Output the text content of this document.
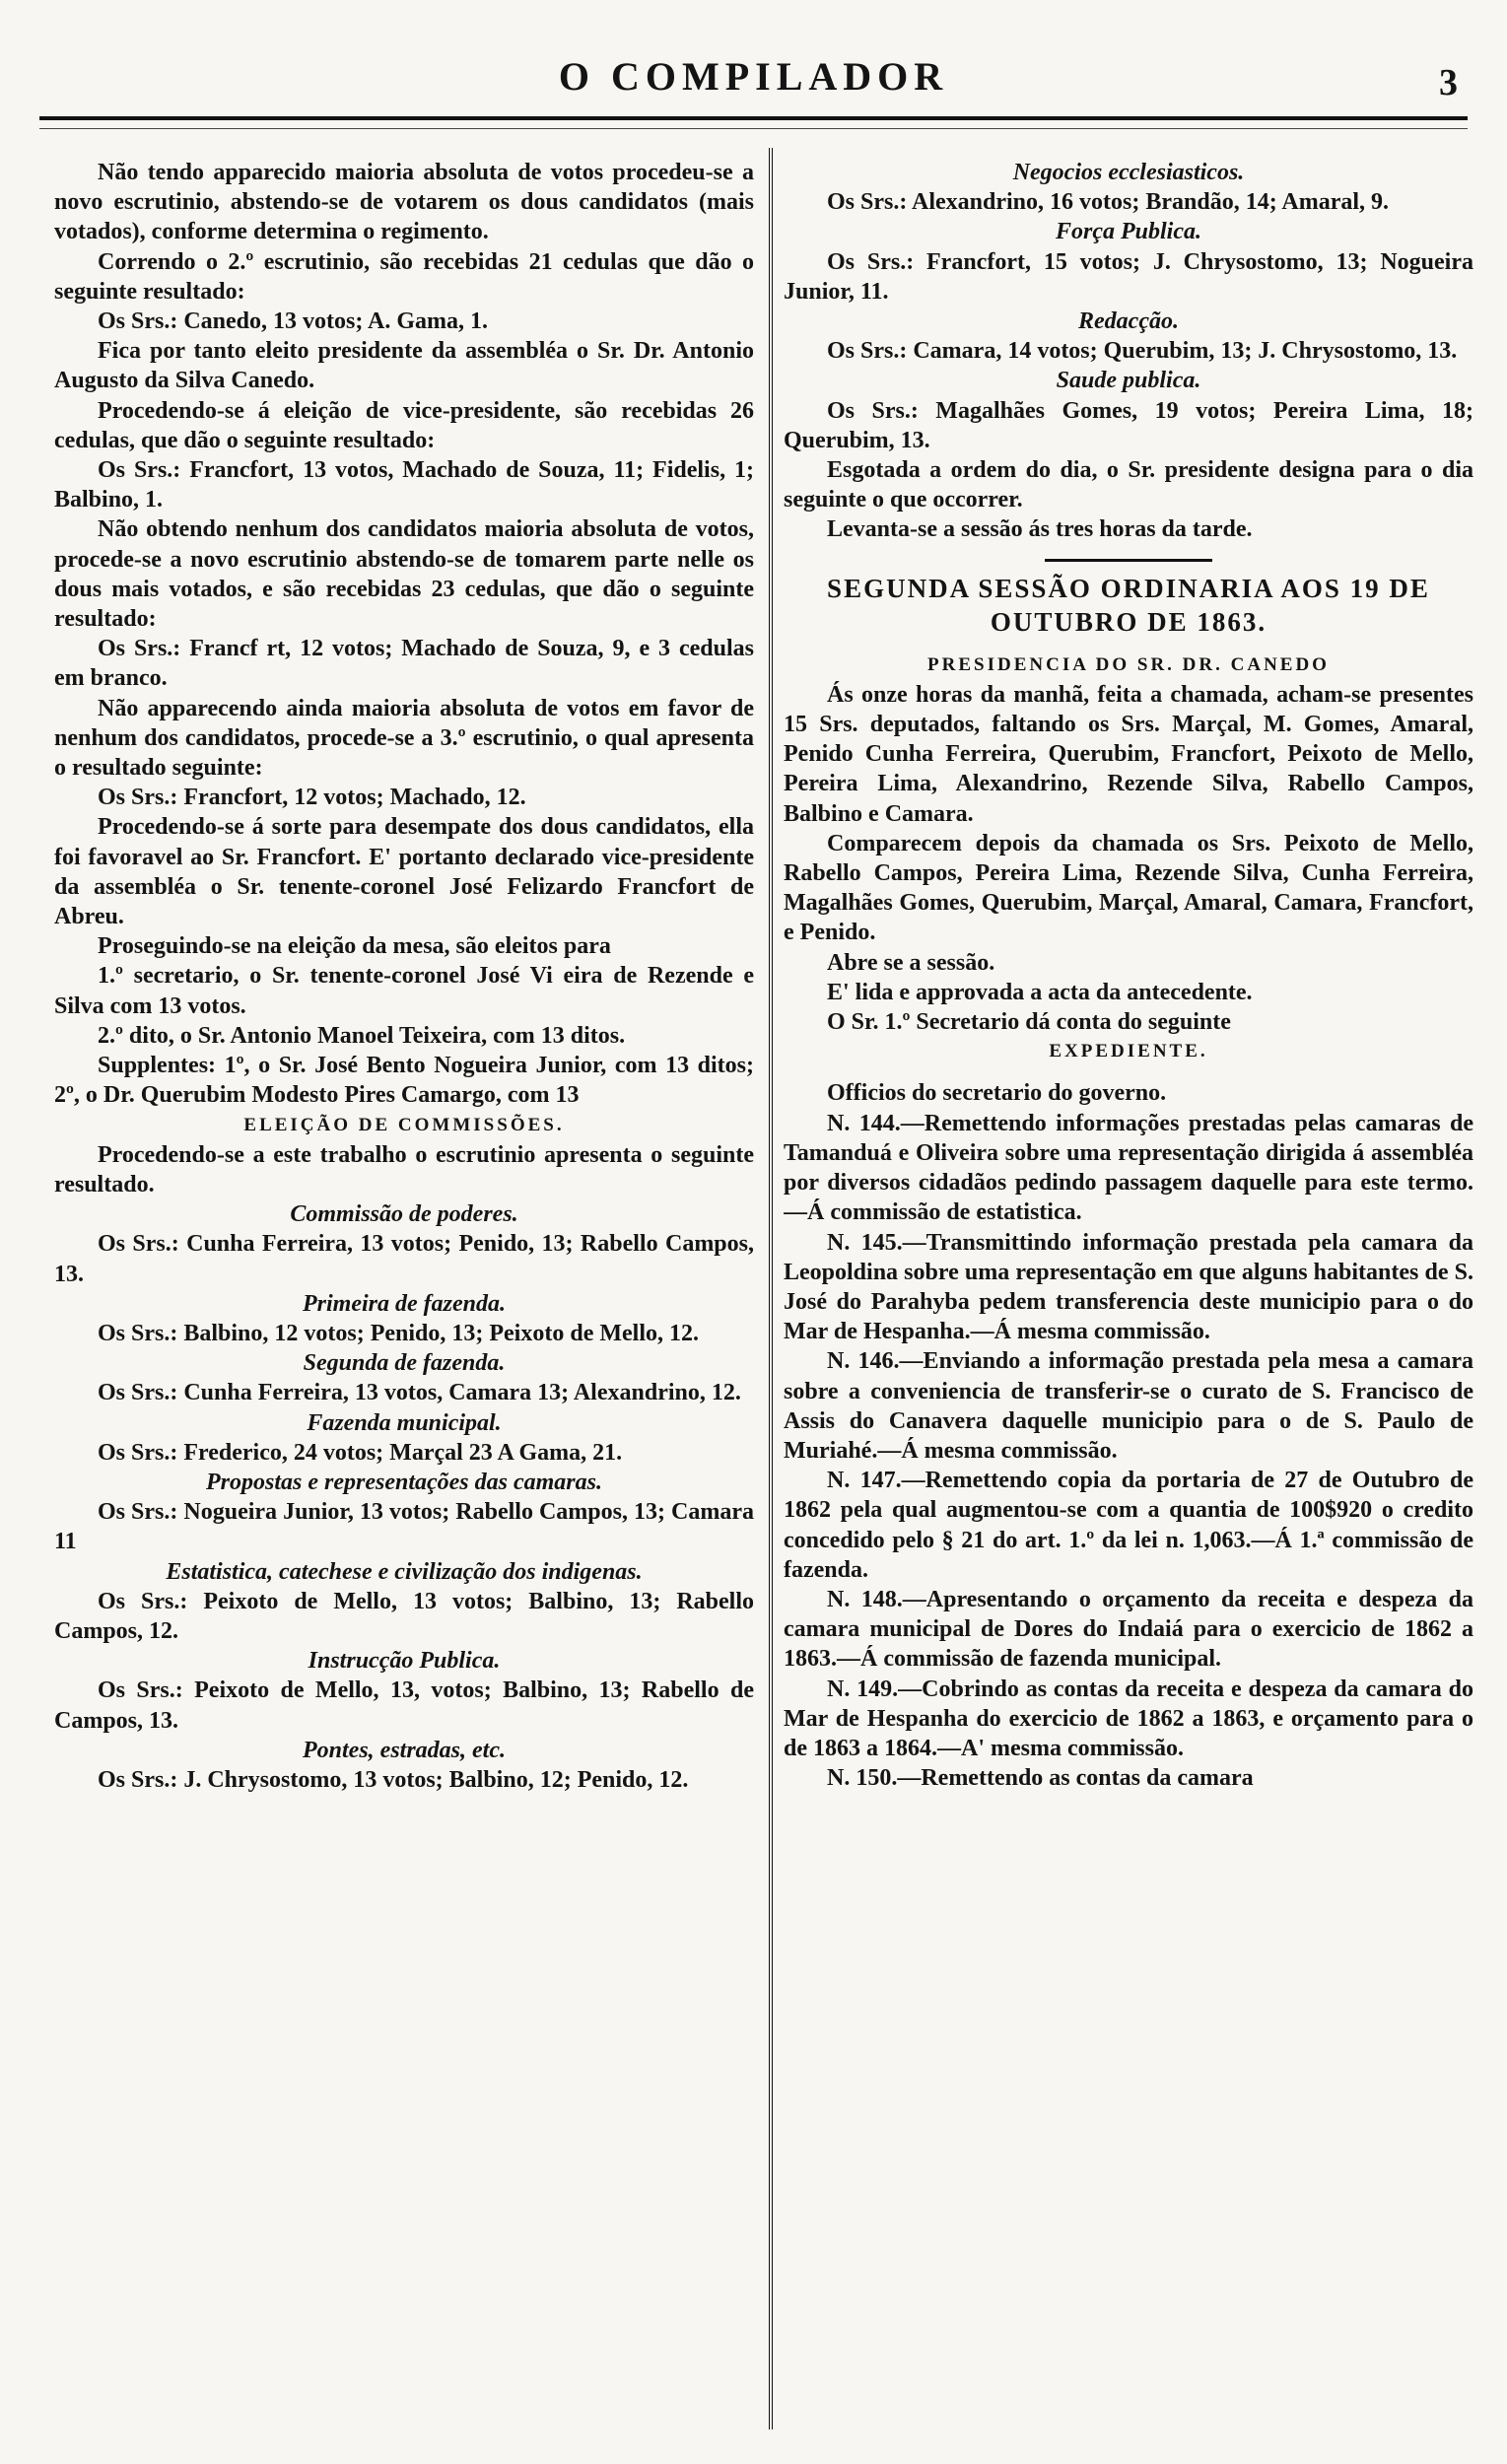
O COMPILADOR	3
Não tendo apparecido maioria absoluta de votos procedeu-se a novo escrutinio, abstendo-se de votarem os dous candidatos (mais votados), conforme determina o regimento.
Correndo o 2.º escrutinio, são recebidas 21 cedulas que dão o seguinte resultado:
Os Srs.: Canedo, 13 votos; A. Gama, 1.
Fica por tanto eleito presidente da assembléa o Sr. Dr. Antonio Augusto da Silva Canedo.
Procedendo-se á eleição de vice-presidente, são recebidas 26 cedulas, que dão o seguinte resultado:
Os Srs.: Francfort, 13 votos, Machado de Souza, 11; Fidelis, 1; Balbino, 1.
Não obtendo nenhum dos candidatos maioria absoluta de votos, procede-se a novo escrutinio abstendo-se de tomarem parte nelle os dous mais votados, e são recebidas 23 cedulas, que dão o seguinte resultado:
Os Srs.: Francf rt, 12 votos; Machado de Souza, 9, e 3 cedulas em branco.
Não apparecendo ainda maioria absoluta de votos em favor de nenhum dos candidatos, procede-se a 3.º escrutinio, o qual apresenta o resultado seguinte:
Os Srs.: Francfort, 12 votos; Machado, 12.
Procedendo-se á sorte para desempate dos dous candidatos, ella foi favoravel ao Sr. Francfort. E' portanto declarado vice-presidente da assembléa o Sr. tenente-coronel José Felizardo Francfort de Abreu.
Proseguindo-se na eleição da mesa, são eleitos para
1.º secretario, o Sr. tenente-coronel José Vi eira de Rezende e Silva com 13 votos.
2.º dito, o Sr. Antonio Manoel Teixeira, com 13 ditos.
Supplentes: 1º, o Sr. José Bento Nogueira Junior, com 13 ditos; 2º, o Dr. Querubim Modesto Pires Camargo, com 13
ELEIÇÃO DE COMMISSÕES.
Procedendo-se a este trabalho o escrutinio apresenta o seguinte resultado.
Commissão de poderes.
Os Srs.: Cunha Ferreira, 13 votos; Penido, 13; Rabello Campos, 13.
Primeira de fazenda.
Os Srs.: Balbino, 12 votos; Penido, 13; Peixoto de Mello, 12.
Segunda de fazenda.
Os Srs.: Cunha Ferreira, 13 votos, Camara 13; Alexandrino, 12.
Fazenda municipal.
Os Srs.: Frederico, 24 votos; Marçal 23 A Gama, 21.
Propostas e representações das camaras.
Os Srs.: Nogueira Junior, 13 votos; Rabello Campos, 13; Camara 11
Estatistica, catechese e civilização dos indigenas.
Os Srs.: Peixoto de Mello, 13 votos; Balbino, 13; Rabello Campos, 12.
Instrucção Publica.
Os Srs.: Peixoto de Mello, 13, votos; Balbino, 13; Rabello de Campos, 13.
Pontes, estradas, etc.
Os Srs.: J. Chrysostomo, 13 votos; Balbino, 12; Penido, 12.
Negocios ecclesiasticos.
Os Srs.: Alexandrino, 16 votos; Brandão, 14; Amaral, 9.
Força Publica.
Os Srs.: Francfort, 15 votos; J. Chrysostomo, 13; Nogueira Junior, 11.
Redacção.
Os Srs.: Camara, 14 votos; Querubim, 13; J. Chrysostomo, 13.
Saude publica.
Os Srs.: Magalhães Gomes, 19 votos; Pereira Lima, 18; Querubim, 13.
Esgotada a ordem do dia, o Sr. presidente designa para o dia seguinte o que occorrer.
Levanta-se a sessão ás tres horas da tarde.
SEGUNDA SESSÃO ORDINARIA AOS 19 DE OUTUBRO DE 1863.
PRESIDENCIA DO SR. DR. CANEDO
Ás onze horas da manhã, feita a chamada, acham-se presentes 15 Srs. deputados, faltando os Srs. Marçal, M. Gomes, Amaral, Penido Cunha Ferreira, Querubim, Francfort, Peixoto de Mello, Pereira Lima, Alexandrino, Rezende Silva, Rabello Campos, Balbino e Camara.
Comparecem depois da chamada os Srs. Peixoto de Mello, Rabello Campos, Pereira Lima, Rezende Silva, Cunha Ferreira, Magalhães Gomes, Querubim, Marçal, Amaral, Camara, Francfort, e Penido.
Abre se a sessão.
E' lida e approvada a acta da antecedente.
O Sr. 1.º Secretario dá conta do seguinte
EXPEDIENTE.
Officios do secretario do governo.
N. 144.—Remettendo informações prestadas pelas camaras de Tamanduá e Oliveira sobre uma representação dirigida á assembléa por diversos cidadãos pedindo passagem daquelle para este termo.—Á commissão de estatistica.
N. 145.—Transmittindo informação prestada pela camara da Leopoldina sobre uma representação em que alguns habitantes de S. José do Parahyba pedem transferencia deste municipio para o do Mar de Hespanha.—Á mesma commissão.
N. 146.—Enviando a informação prestada pela mesa a camara sobre a conveniencia de transferir-se o curato de S. Francisco de Assis do Canavera daquelle municipio para o de S. Paulo de Muriahé.—Á mesma commissão.
N. 147.—Remettendo copia da portaria de 27 de Outubro de 1862 pela qual augmentou-se com a quantia de 100$920 o credito concedido pelo § 21 do art. 1.º da lei n. 1,063.—Á 1.ª commissão de fazenda.
N. 148.—Apresentando o orçamento da receita e despeza da camara municipal de Dores do Indaiá para o exercicio de 1862 a 1863.—Á commissão de fazenda municipal.
N. 149.—Cobrindo as contas da receita e despeza da camara do Mar de Hespanha do exercicio de 1862 a 1863, e orçamento para o de 1863 a 1864.—A' mesma commissão.
N. 150.—Remettendo as contas da camara
